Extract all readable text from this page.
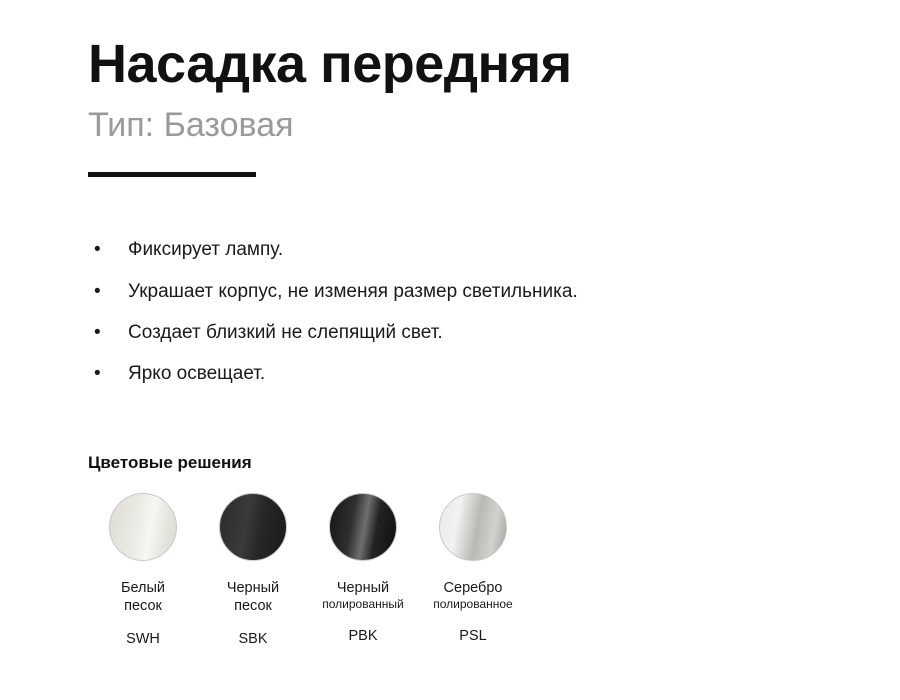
Насадка передняя
Тип: Базовая
• Фиксирует лампу.
• Украшает корпус, не изменяя размер светильника.
• Создает близкий не слепящий свет.
• Ярко освещает.
Цветовые решения
Белый
песок
SWH
Черный
песок
SBK
Черный

полированный
PBK
Серебро

полированное
PSL
